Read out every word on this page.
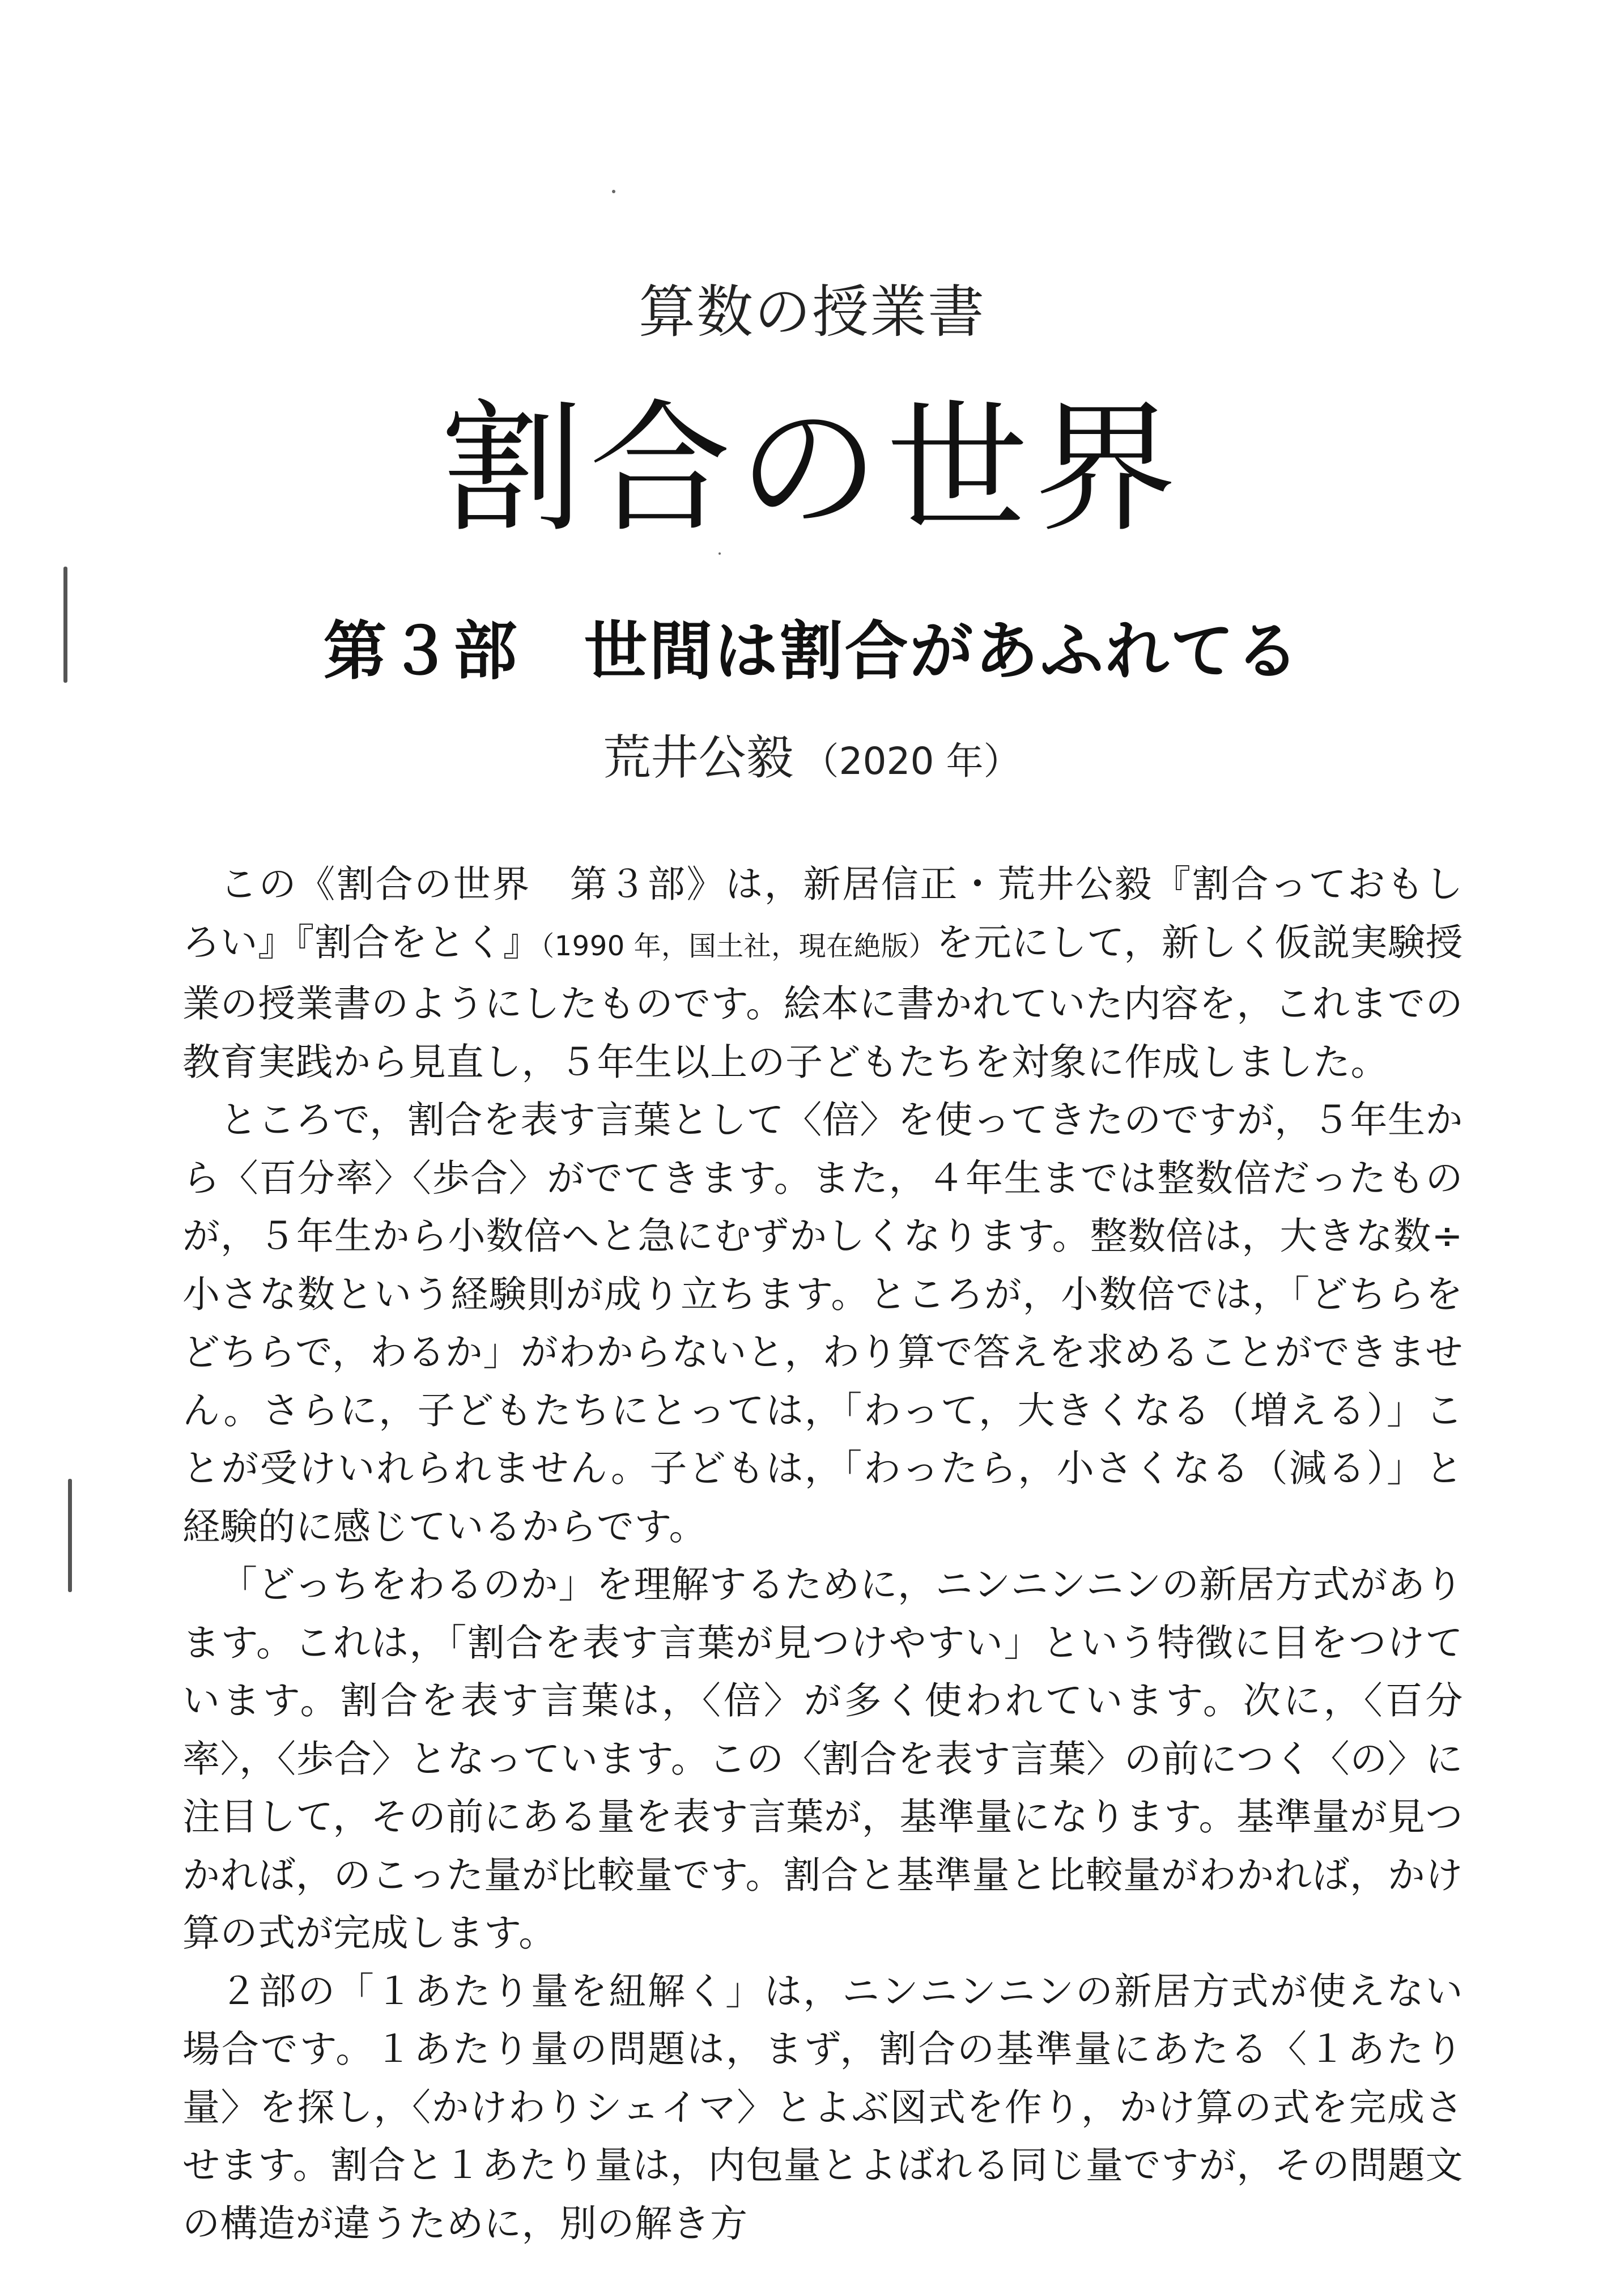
算数の授業書
割合の世界
第３部　世間は割合があふれてる
荒井公毅 （2020 年）

この《割合の世界　第３部》は，新居信正・荒井公毅『割合っておもしろい』『割合をとく』（1990 年，国土社，現在絶版）を元にして，新しく仮説実験授業の授業書のようにしたものです。絵本に書かれていた内容を，これまでの教育実践から見直し，５年生以上の子どもたちを対象に作成しました。

ところで，割合を表す言葉として〈倍〉を使ってきたのですが，５年生から〈百分率〉〈歩合〉がでてきます。また，４年生までは整数倍だったものが，５年生から小数倍へと急にむずかしくなります。整数倍は，大きな数÷小さな数という経験則が成り立ちます。ところが，小数倍では，「どちらをどちらで，わるか」がわからないと，わり算で答えを求めることができません。さらに，子どもたちにとっては，「わって，大きくなる（増える）」ことが受けいれられません。子どもは，「わったら，小さくなる（減る）」と経験的に感じているからです。

「どっちをわるのか」を理解するために，ニンニンニンの新居方式があります。これは，「割合を表す言葉が見つけやすい」という特徴に目をつけています。割合を表す言葉は，〈倍〉が多く使われています。次に，〈百分率〉，〈歩合〉となっています。この〈割合を表す言葉〉の前につく〈の〉に注目して，その前にある量を表す言葉が，基準量になります。基準量が見つかれば，のこった量が比較量です。割合と基準量と比較量がわかれば，かけ算の式が完成します。

２部の「１あたり量を紐解く」は，ニンニンニンの新居方式が使えない場合です。１あたり量の問題は，まず，割合の基準量にあたる〈１あたり量〉を探し，〈かけわりシェイマ〉とよぶ図式を作り，かけ算の式を完成させます。割合と１あたり量は，内包量とよばれる同じ量ですが，その問題文の構造が違うために，別の解き方
